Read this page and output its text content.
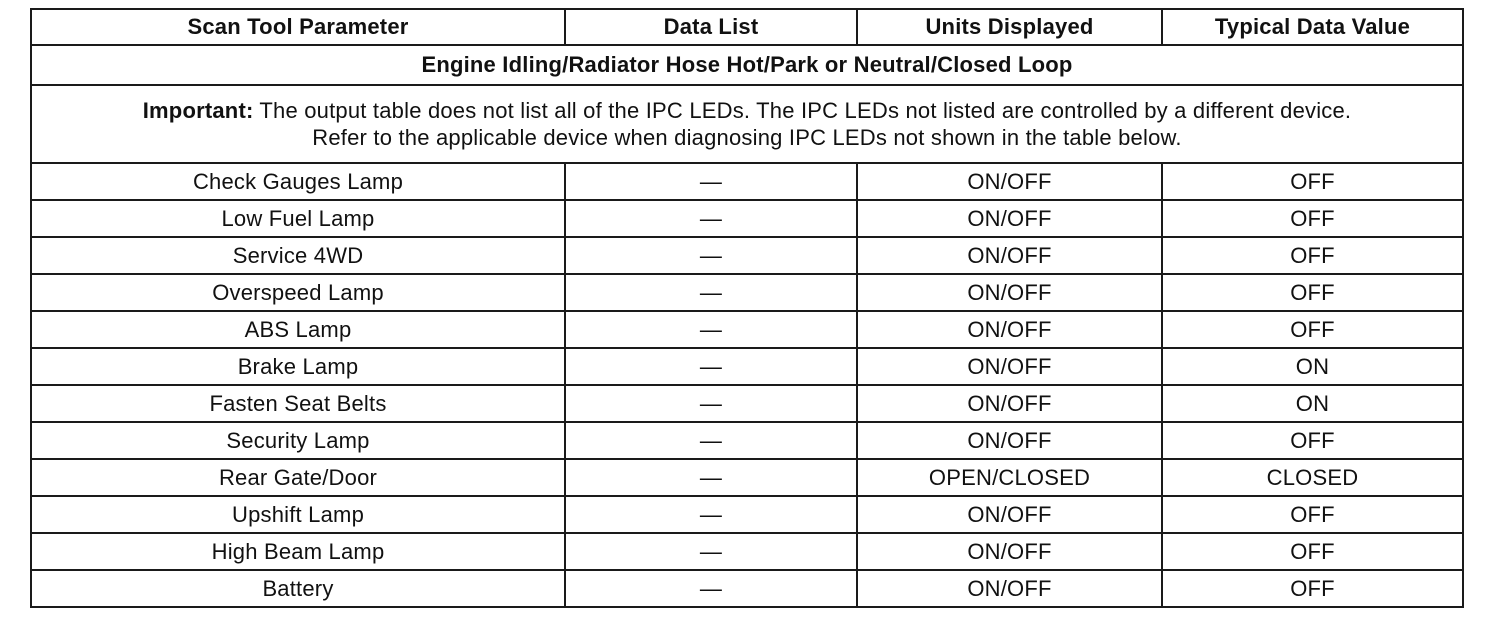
Scan Tool Parameter	Data List	Units Displayed	Typical Data Value
Engine Idling/Radiator Hose Hot/Park or Neutral/Closed Loop			
Important: The output table does not list all of the IPC LEDs. The IPC LEDs not listed are controlled by a different device.
Refer to the applicable device when diagnosing IPC LEDs not shown in the table below.			
Check Gauges Lamp	—	ON/OFF	OFF
Low Fuel Lamp	—	ON/OFF	OFF
Service 4WD	—	ON/OFF	OFF
Overspeed Lamp	—	ON/OFF	OFF
ABS Lamp	—	ON/OFF	OFF
Brake Lamp	—	ON/OFF	ON
Fasten Seat Belts	—	ON/OFF	ON
Security Lamp	—	ON/OFF	OFF
Rear Gate/Door	—	OPEN/CLOSED	CLOSED
Upshift Lamp	—	ON/OFF	OFF
High Beam Lamp	—	ON/OFF	OFF
Battery	—	ON/OFF	OFF
